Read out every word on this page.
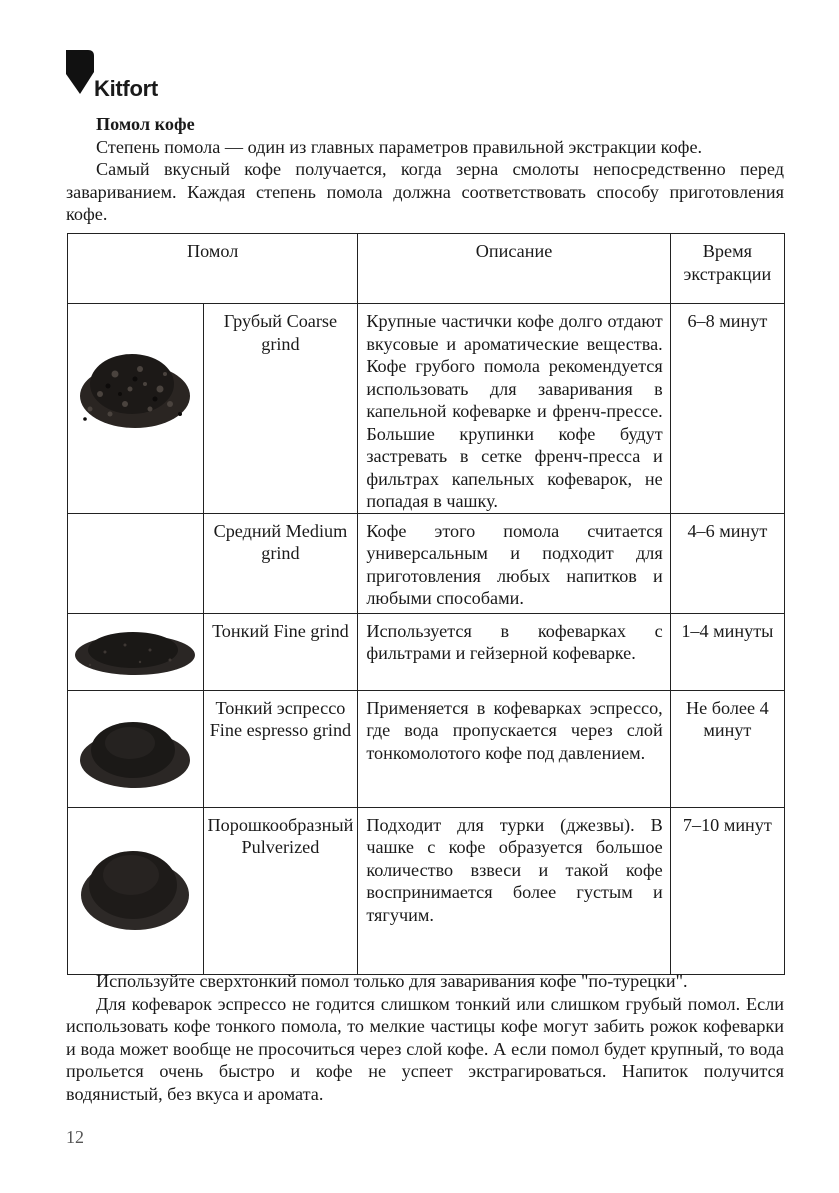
Kitfort

Помол кофе

Степень помола — один из главных параметров правильной экстракции кофе.

Самый вкусный кофе получается, когда зерна смолоты непосредственно перед завариванием. Каждая степень помола должна соответствовать способу приготовления кофе.

Помол		Описание	Время экстракции

	Грубый Coarse grind	Крупные частички кофе долго отдают вкусовые и ароматические вещества. Кофе грубого помола рекомендуется использовать для заваривания в капельной кофеварке и френч-прессе. Большие крупинки кофе будут застревать в сетке френч-пресса и фильтрах капельных кофеварок, не попадая в чашку.	6–8 минут
	Средний Medium grind	Кофе этого помола считается универсальным и подходит для приготовления любых напитков и любыми способами.	4–6 минут

	Тонкий Fine grind	Используется в кофеварках с фильтрами и гейзерной кофеварке.	1–4 минуты

	Тонкий эспрессо Fine espresso grind	Применяется в кофеварках эспрессо, где вода пропускается через слой тонкомолотого кофе под давлением.	Не более 4 минут

	Порошкообразный Pulverized	Подходит для турки (джезвы). В чашке с кофе образуется большое количество взвеси и такой кофе воспринимается более густым и тягучим.	7–10 минут

Используйте сверхтонкий помол только для заваривания кофе "по-турецки".

Для кофеварок эспрессо не годится слишком тонкий или слишком грубый помол. Если использовать кофе тонкого помола, то мелкие частицы кофе могут забить рожок кофеварки и вода может вообще не просочиться через слой кофе. А если помол будет крупный, то вода прольется очень быстро и кофе не успеет экстрагироваться. Напиток получится водянистый, без вкуса и аромата.

12
